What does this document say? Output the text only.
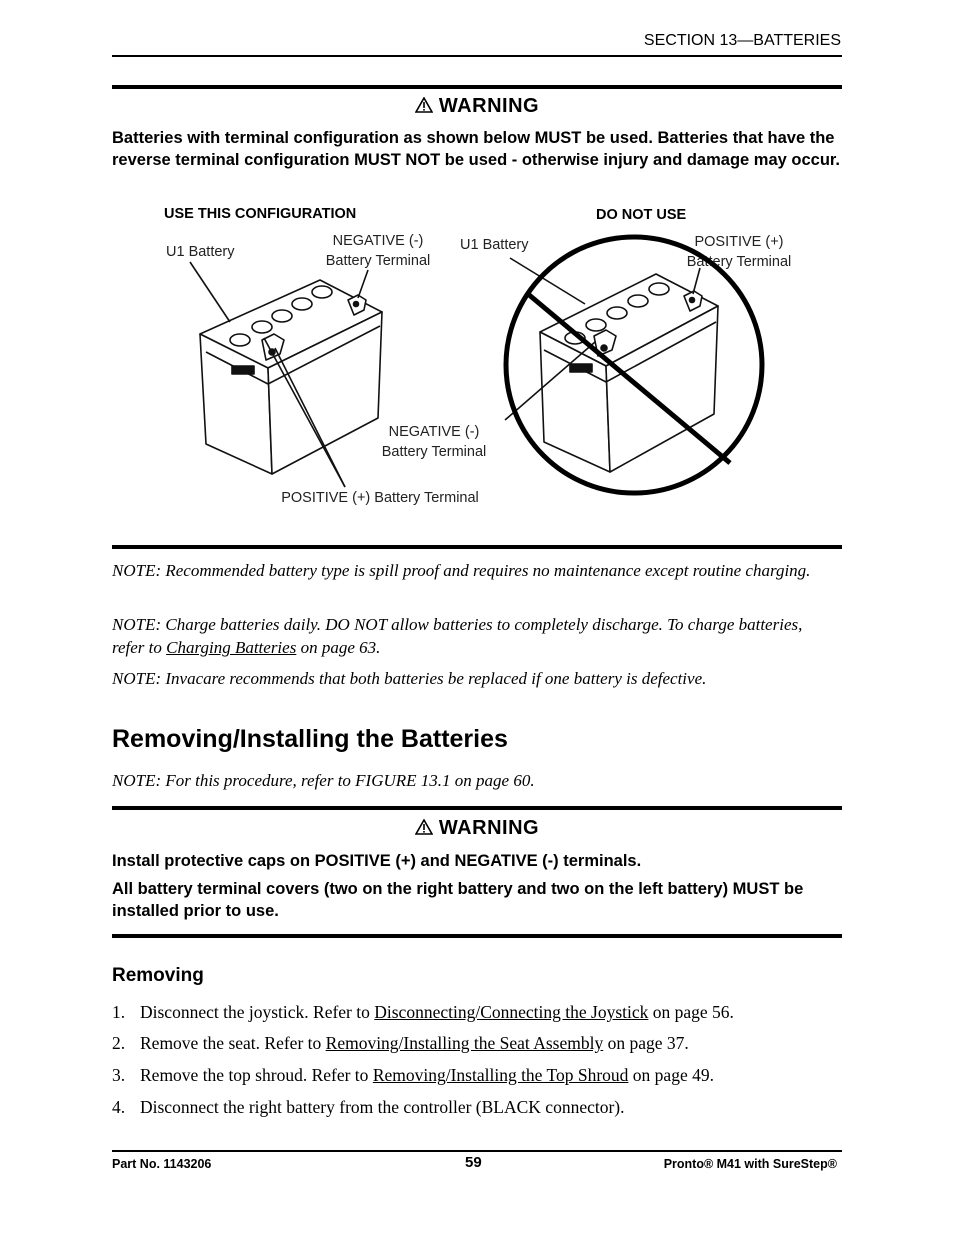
SECTION 13—BATTERIES
WARNING
Batteries with terminal configuration as shown below MUST be used. Batteries that have the reverse terminal configuration MUST NOT be used - otherwise injury and damage may occur.
USE THIS CONFIGURATION	DO NOT USE
U1 Battery
NEGATIVE (-)
Battery Terminal
POSITIVE (+) Battery Terminal
U1 Battery	POSITIVE (+)
Battery Terminal
NEGATIVE (-)
Battery Terminal
NOTE: Recommended battery type is spill proof and requires no maintenance except routine charging.
NOTE: Charge batteries daily. DO NOT allow batteries to completely discharge. To charge batteries, refer to Charging Batteries on page 63.
NOTE: Invacare recommends that both batteries be replaced if one battery is defective.
Removing/Installing the Batteries
NOTE: For this procedure, refer to FIGURE 13.1 on page 60.
WARNING
Install protective caps on POSITIVE (+) and NEGATIVE (-) terminals.
All battery terminal covers (two on the right battery and two on the left battery) MUST be installed prior to use.
Removing
1. Disconnect the joystick. Refer to Disconnecting/Connecting the Joystick on page 56.
2. Remove the seat. Refer to Removing/Installing the Seat Assembly on page 37.
3. Remove the top shroud. Refer to Removing/Installing the Top Shroud on page 49.
4. Disconnect the right battery from the controller (BLACK connector).
Part No. 1143206	59	Pronto® M41 with SureStep®
